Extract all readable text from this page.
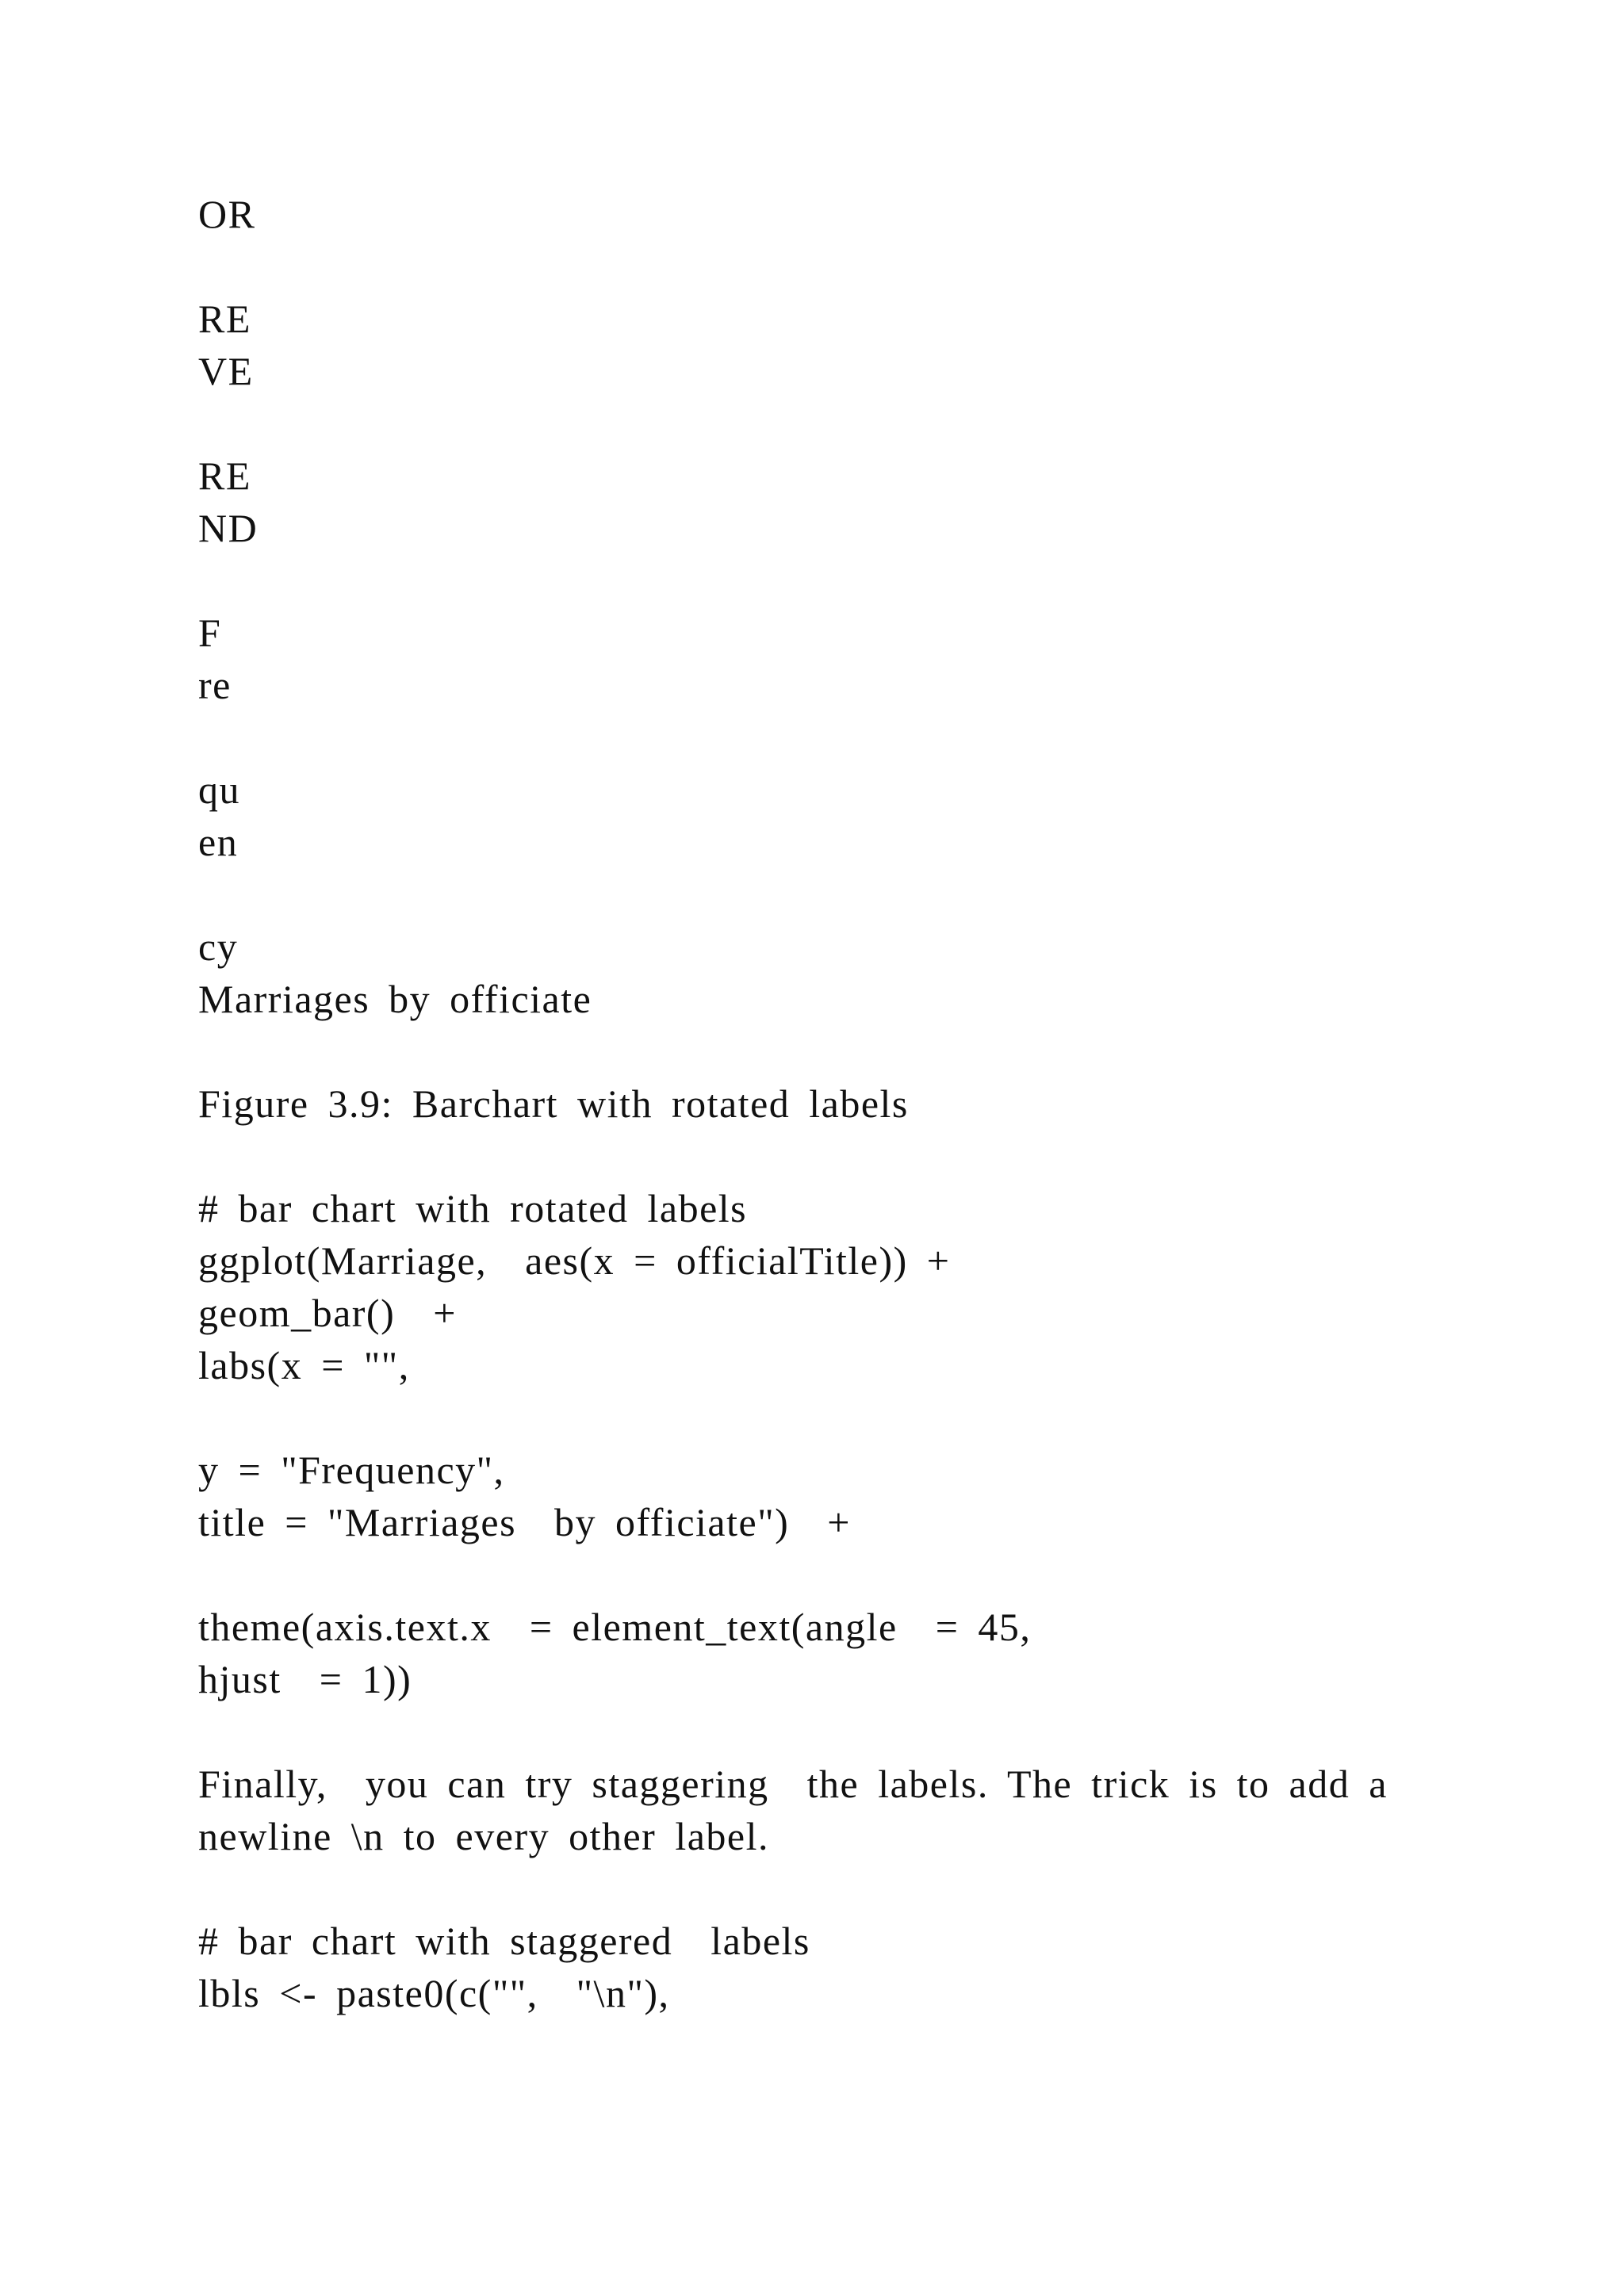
OR
RE
VE
RE
ND
F
re
qu
en
cy
Marriages by officiate
Figure 3.9: Barchart with rotated labels
# bar chart with rotated labels
ggplot(Marriage,  aes(x = officialTitle)) +
geom_bar()  +
labs(x = "",
y = "Frequency",
title = "Marriages  by officiate")  +
theme(axis.text.x  = element_text(angle  = 45,
hjust  = 1))
Finally,  you can try staggering  the labels. The trick is to add a
newline \n to every other label.
# bar chart with staggered  labels
lbls <- paste0(c("",  "\n"),
